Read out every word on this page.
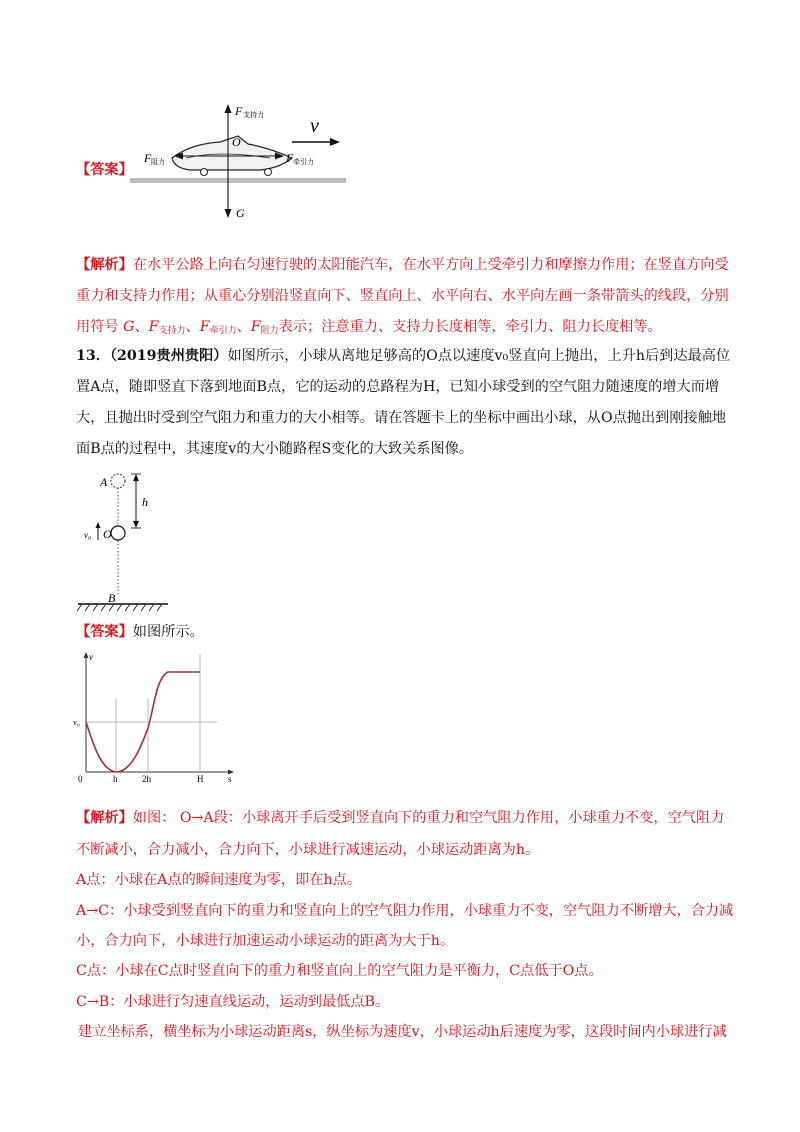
F 支持力 v
O
F 阻力	F 牵引力
G
【答案】
【解析】在水平公路上向右匀速行驶的太阳能汽车，在水平方向上受牵引力和摩擦力作用；在竖直方向受
重力和支持力作用；从重心分别沿竖直向下、竖直向上、水平向右、水平向左画一条带箭头的线段，分别
用符号 G、$F_{支持力}$、$F_{牵引力}$、$F_{阻力}$表示；注意重力、支持力长度相等，牵引力、阻力长度相等。
13．（2019贵州贵阳）如图所示，小球从离地足够高的O点以速度v₀竖直向上抛出，上升h后到达最高位
置A点，随即竖直下落到地面B点，它的运动的总路程为H，已知小球受到的空气阻力随速度的增大而增
大，且抛出时受到空气阻力和重力的大小相等。请在答题卡上的坐标中画出小球，从O点抛出到刚接触地
面B点的过程中，其速度v的大小随路程S变化的大致关系图像。
A
h
v₀ O
B
【答案】如图所示。
v
s
0
v₀
h	2h	H
【解析】如图： O→A段：小球离开手后受到竖直向下的重力和空气阻力作用，小球重力不变，空气阻力
不断减小，合力减小，合力向下，小球进行减速运动，小球运动距离为h。
A点：小球在A点的瞬间速度为零，即在h点。
A→C：小球受到竖直向下的重力和竖直向上的空气阻力作用，小球重力不变，空气阻力不断增大，合力减
小，合力向下，小球进行加速运动小球运动的距离为大于h。
C点：小球在C点时竖直向下的重力和竖直向上的空气阻力是平衡力，C点低于O点。
C→B：小球进行匀速直线运动，运动到最低点B。
建立坐标系，横坐标为小球运动距离s，纵坐标为速度v，小球运动h后速度为零，这段时间内小球进行减
